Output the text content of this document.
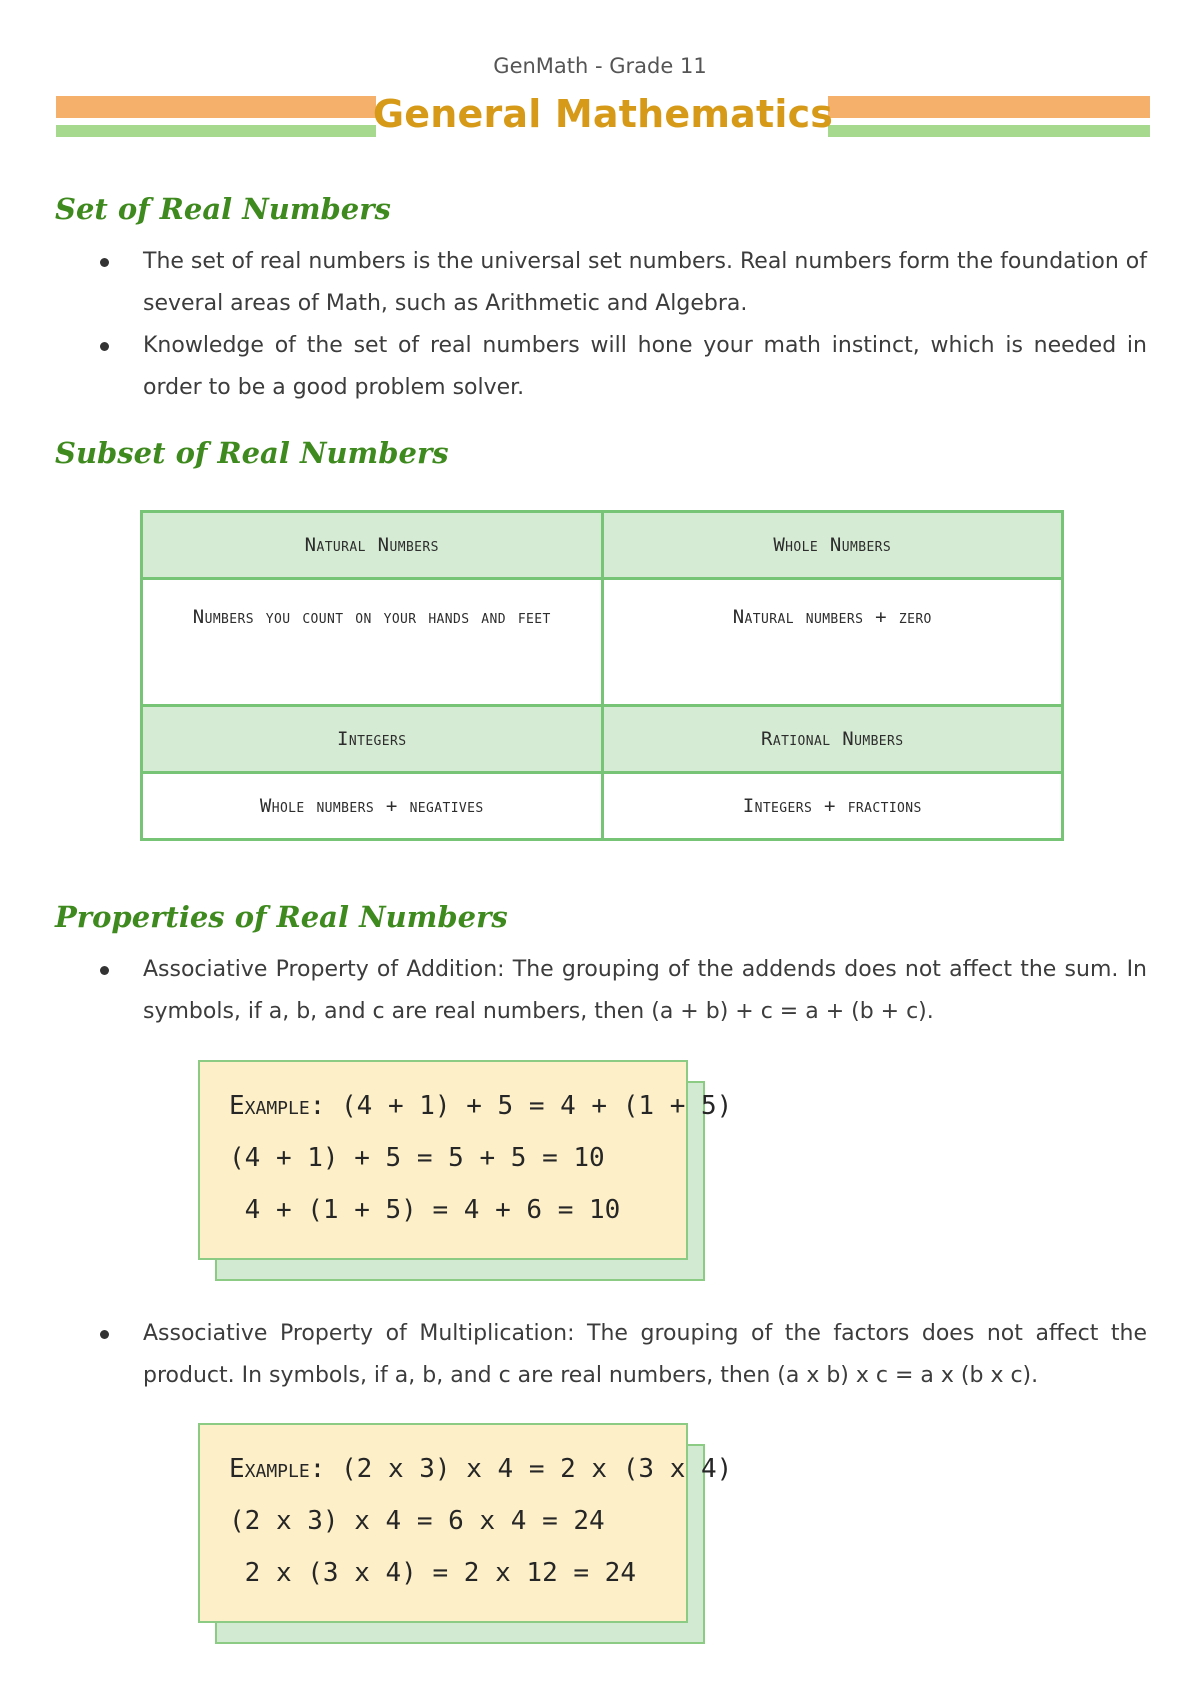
GenMath - Grade 11
General Mathematics
Set of Real Numbers
The set of real numbers is the universal set numbers. Real numbers form the foundation of several areas of Math, such as Arithmetic and Algebra.
Knowledge of the set of real numbers will hone your math instinct, which is needed in order to be a good problem solver.
Subset of Real Numbers
Natural Numbers	Whole Numbers
Numbers you count on your hands and feet	Natural numbers + zero
Integers	Rational Numbers
Whole numbers + negatives	Integers + fractions
Properties of Real Numbers
Associative Property of Addition: The grouping of the addends does not affect the sum. In symbols, if a, b, and c are real numbers, then (a + b) + c = a + (b + c).
Example: (4 + 1) + 5 = 4 + (1 + 5)
(4 + 1) + 5 = 5 + 5 = 10
4 + (1 + 5) = 4 + 6 = 10
Associative Property of Multiplication: The grouping of the factors does not affect the product. In symbols, if a, b, and c are real numbers, then (a x b) x c = a x (b x c).
Example: (2 x 3) x 4 = 2 x (3 x 4)
(2 x 3) x 4 = 6 x 4 = 24
2 x (3 x 4) = 2 x 12 = 24
